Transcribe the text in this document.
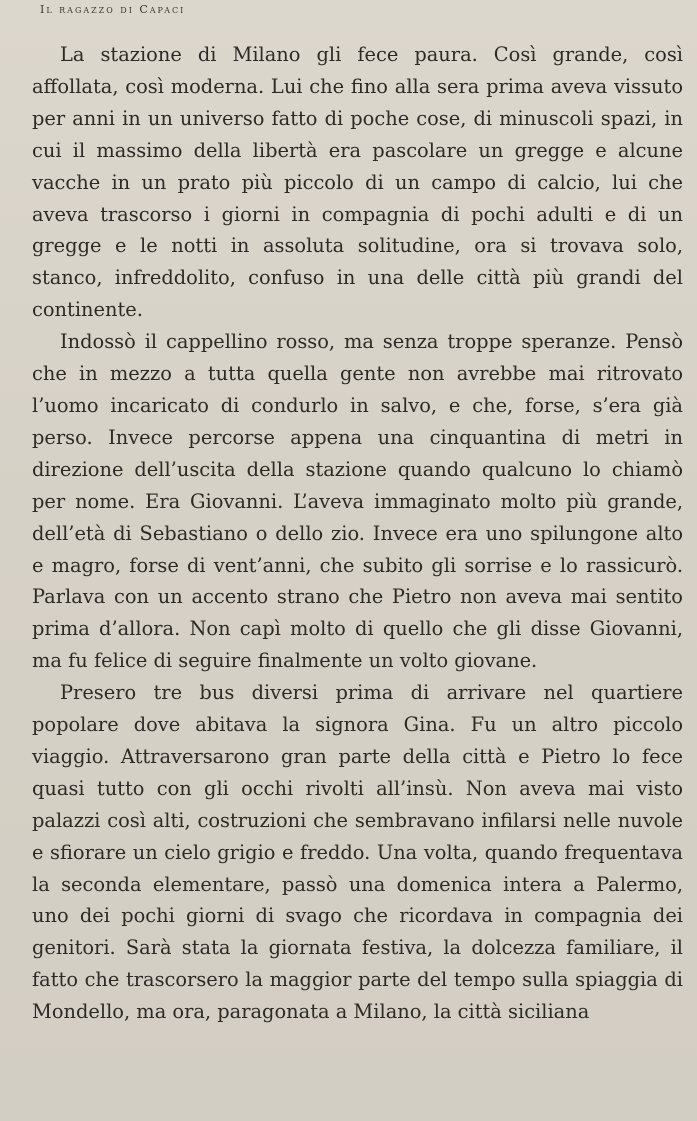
Il ragazzo di Capaci

La stazione di Milano gli fece paura. Così grande, così affollata, così moderna. Lui che fino alla sera prima aveva vissuto per anni in un universo fatto di poche cose, di minuscoli spazi, in cui il massimo della libertà era pascolare un gregge e alcune vacche in un prato più piccolo di un campo di calcio, lui che aveva trascorso i giorni in compagnia di pochi adulti e di un gregge e le notti in assoluta solitudine, ora si trovava solo, stanco, infreddolito, confuso in una delle città più grandi del continente.

Indossò il cappellino rosso, ma senza troppe speranze. Pensò che in mezzo a tutta quella gente non avrebbe mai ritrovato l’uomo incaricato di condurlo in salvo, e che, forse, s’era già perso. Invece percorse appena una cinquantina di metri in direzione dell’uscita della stazione quando qualcuno lo chiamò per nome. Era Giovanni. L’aveva immaginato molto più grande, dell’età di Sebastiano o dello zio. Invece era uno spilungone alto e magro, forse di vent’anni, che subito gli sorrise e lo rassicurò. Parlava con un accento strano che Pietro non aveva mai sentito prima d’allora. Non capì molto di quello che gli disse Giovanni, ma fu felice di seguire finalmente un volto giovane.

Presero tre bus diversi prima di arrivare nel quartiere popolare dove abitava la signora Gina. Fu un altro piccolo viaggio. Attraversarono gran parte della città e Pietro lo fece quasi tutto con gli occhi rivolti all’insù. Non aveva mai visto palazzi così alti, costruzioni che sembravano infilarsi nelle nuvole e sfiorare un cielo grigio e freddo. Una volta, quando frequentava la seconda elementare, passò una domenica intera a Palermo, uno dei pochi giorni di svago che ricordava in compagnia dei genitori. Sarà stata la giornata festiva, la dolcezza familiare, il fatto che trascorsero la maggior parte del tempo sulla spiaggia di Mondello, ma ora, paragonata a Milano, la città siciliana
